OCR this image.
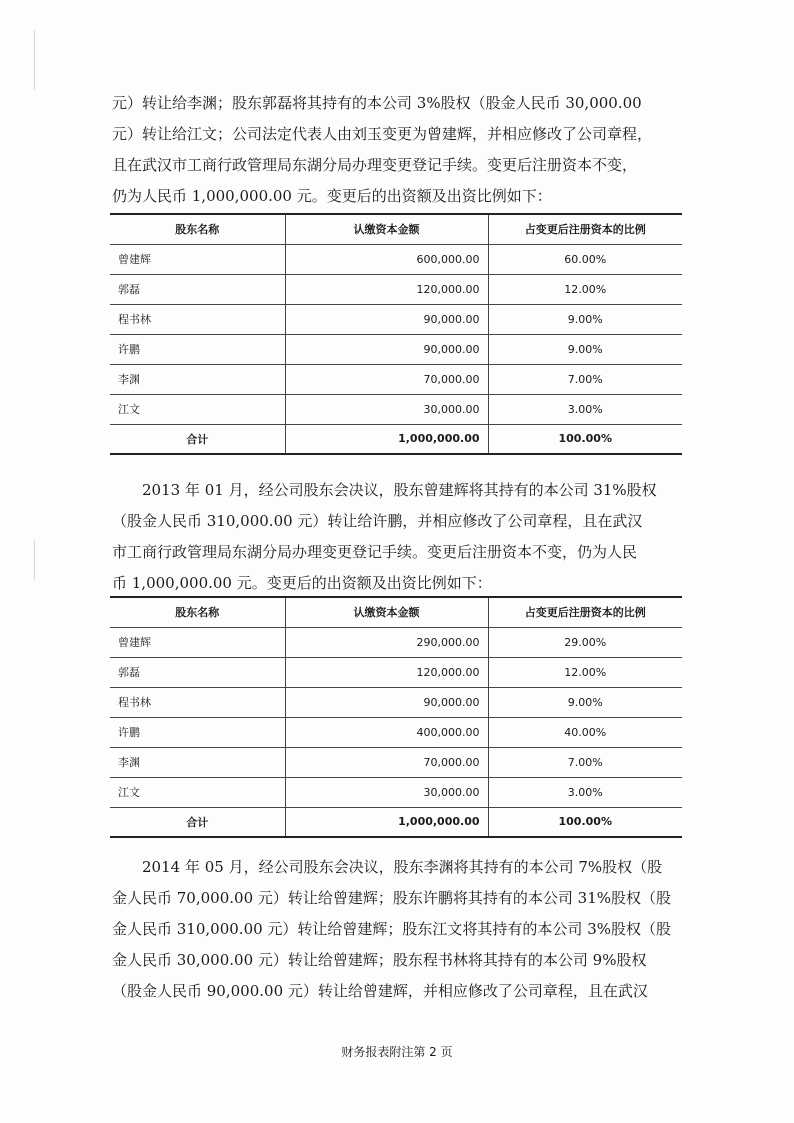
元）转让给李渊；股东郭磊将其持有的本公司 3%股权（股金人民币 30,000.00
元）转让给江文；公司法定代表人由刘玉变更为曾建辉，并相应修改了公司章程，
且在武汉市工商行政管理局东湖分局办理变更登记手续。变更后注册资本不变，
仍为人民币 1,000,000.00 元。变更后的出资额及出资比例如下：
股东名称	认缴资本金额	占变更后注册资本的比例
曾建辉	600,000.00	60.00%
郭磊	120,000.00	12.00%
程书林	90,000.00	9.00%
许鹏	90,000.00	9.00%
李渊	70,000.00	7.00%
江文	30,000.00	3.00%
合计	1,000,000.00	100.00%
2013 年 01 月，经公司股东会决议，股东曾建辉将其持有的本公司 31%股权
（股金人民币 310,000.00 元）转让给许鹏，并相应修改了公司章程，且在武汉
市工商行政管理局东湖分局办理变更登记手续。变更后注册资本不变，仍为人民
币 1,000,000.00 元。变更后的出资额及出资比例如下：
股东名称	认缴资本金额	占变更后注册资本的比例
曾建辉	290,000.00	29.00%
郭磊	120,000.00	12.00%
程书林	90,000.00	9.00%
许鹏	400,000.00	40.00%
李渊	70,000.00	7.00%
江文	30,000.00	3.00%
合计	1,000,000.00	100.00%
2014 年 05 月，经公司股东会决议，股东李渊将其持有的本公司 7%股权（股
金人民币 70,000.00 元）转让给曾建辉；股东许鹏将其持有的本公司 31%股权（股
金人民币 310,000.00 元）转让给曾建辉；股东江文将其持有的本公司 3%股权（股
金人民币 30,000.00 元）转让给曾建辉；股东程书林将其持有的本公司 9%股权
（股金人民币 90,000.00 元）转让给曾建辉，并相应修改了公司章程，且在武汉
财务报表附注第 2 页
